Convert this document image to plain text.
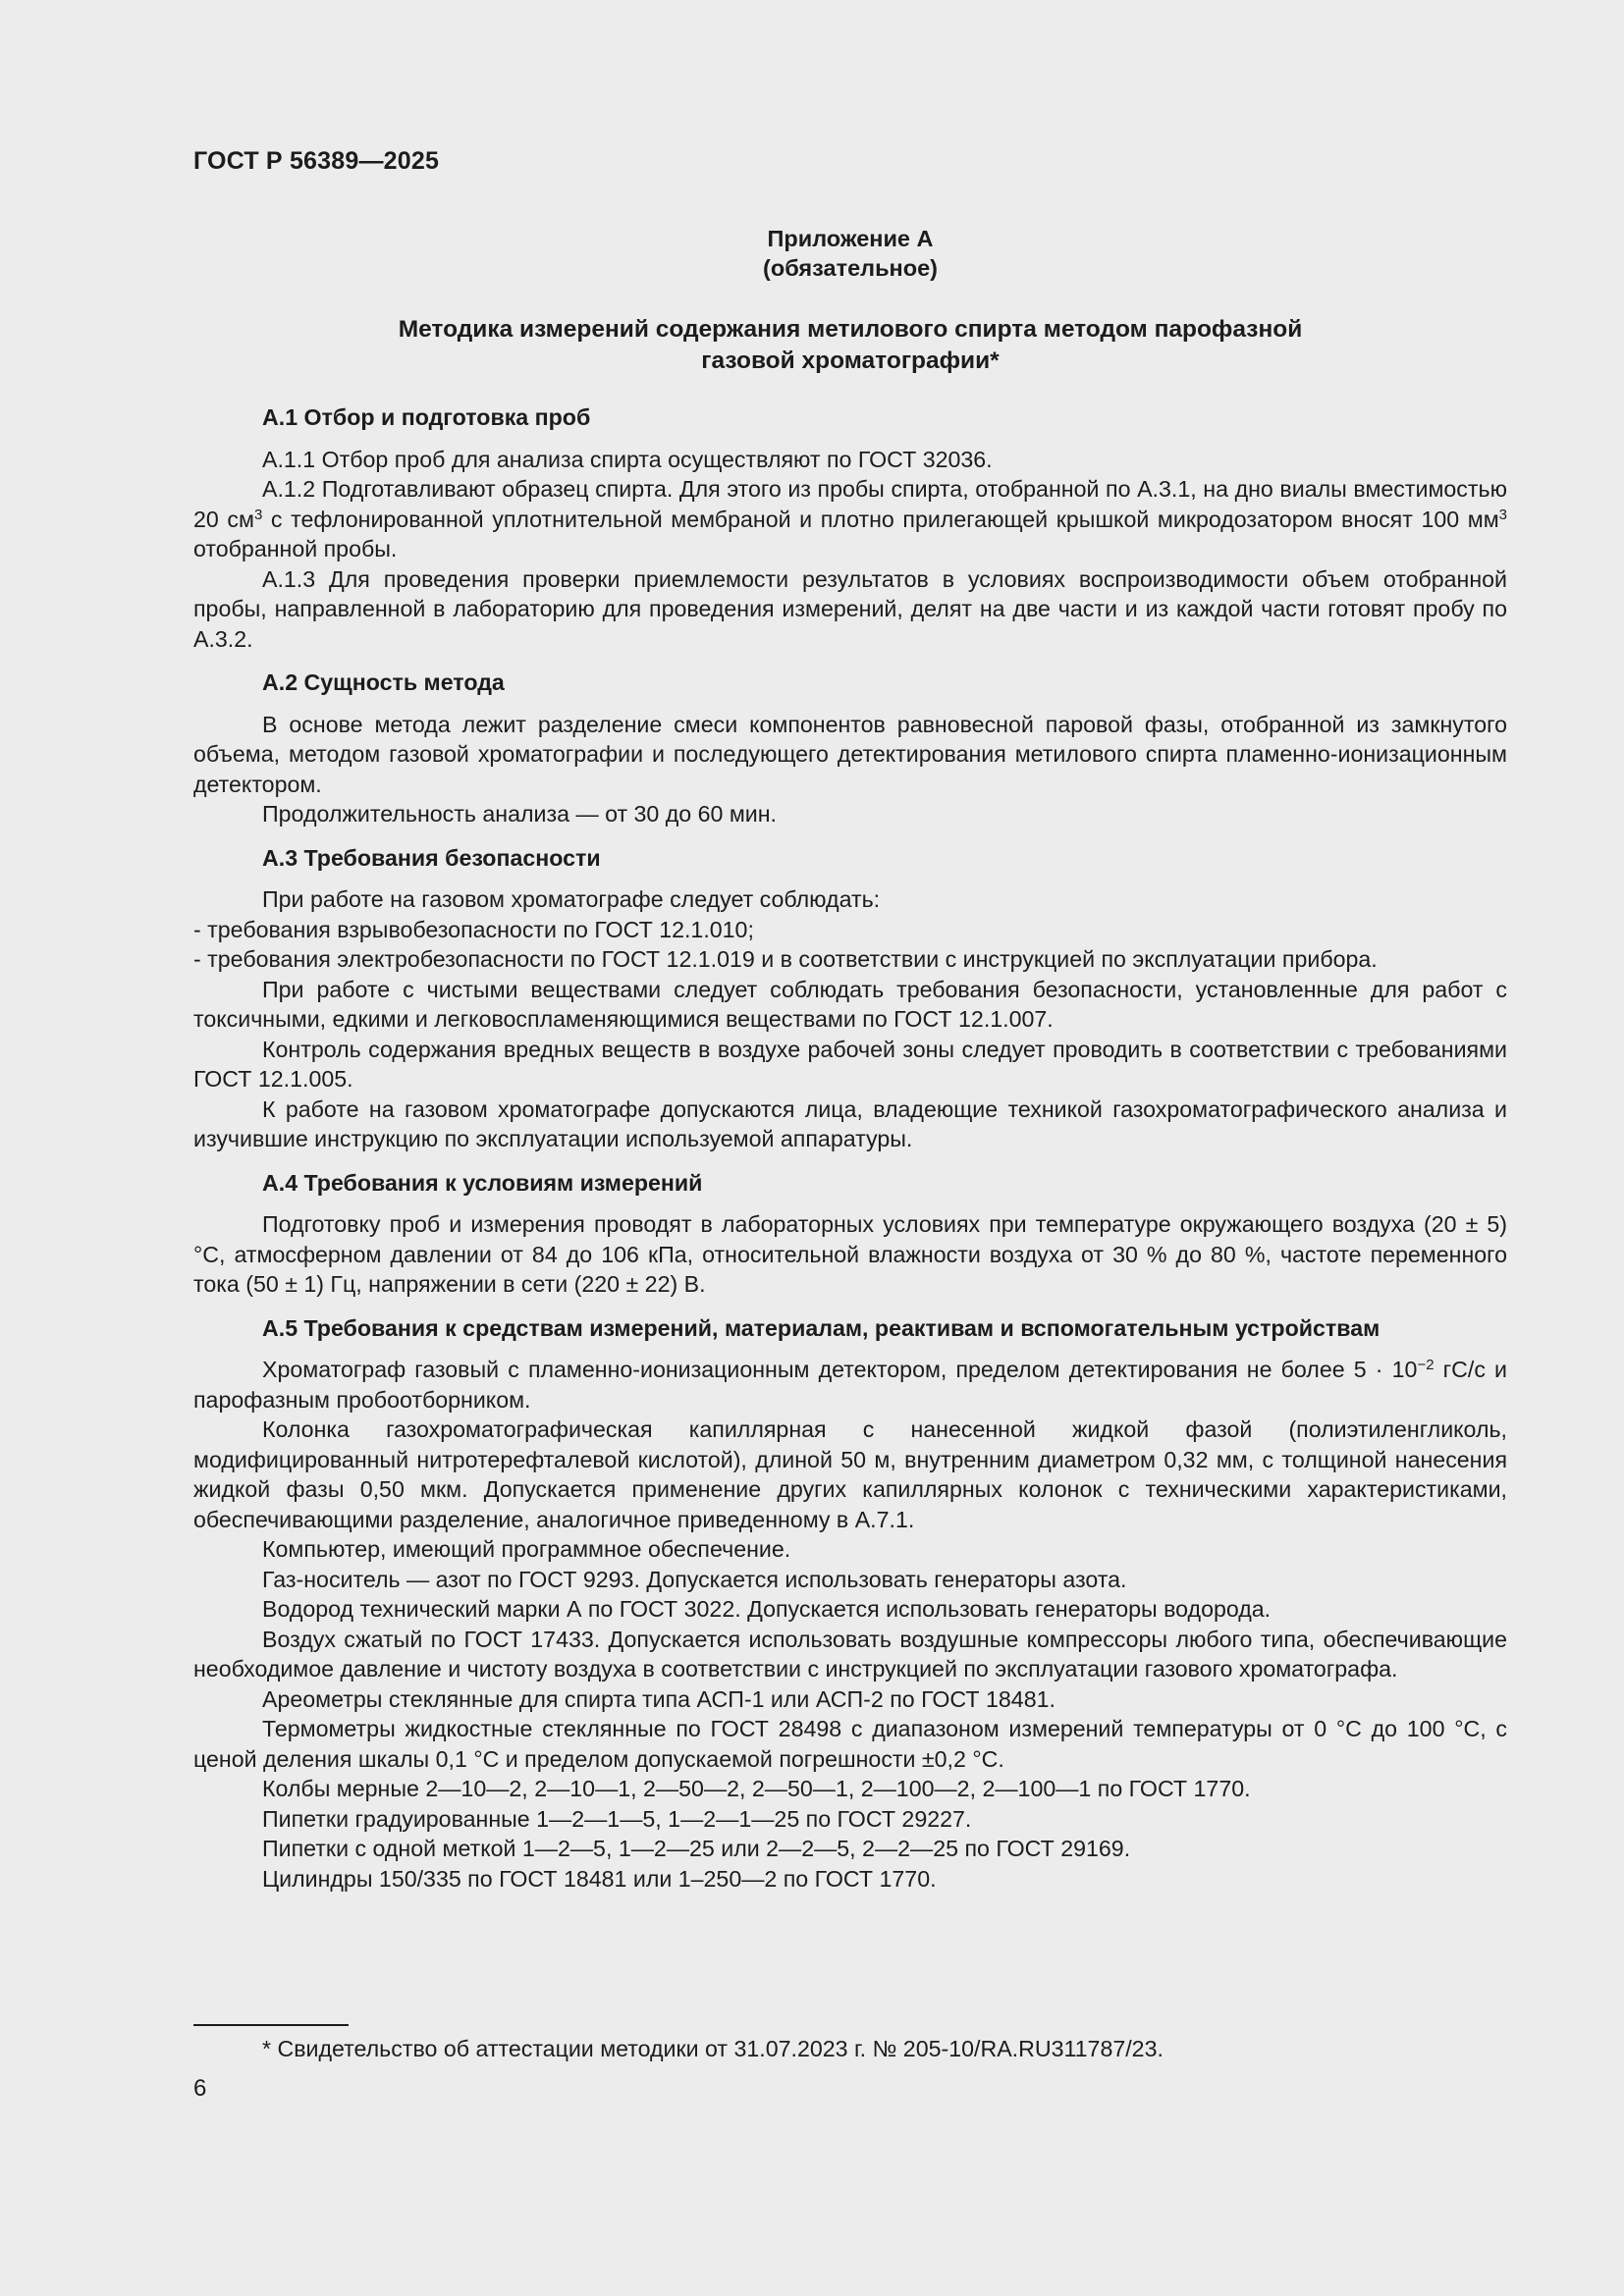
ГОСТ Р 56389—2025
Приложение А
(обязательное)
Методика измерений содержания метилового спирта методом парофазной
газовой хроматографии*
А.1 Отбор и подготовка проб

А.1.1 Отбор проб для анализа спирта осуществляют по ГОСТ 32036.

А.1.2 Подготавливают образец спирта. Для этого из пробы спирта, отобранной по А.3.1, на дно виалы вместимостью 20 $см^3$ с тефлонированной уплотнительной мембраной и плотно прилегающей крышкой микродозатором вносят 100 $мм^3$ отобранной пробы.

А.1.3 Для проведения проверки приемлемости результатов в условиях воспроизводимости объем отобранной пробы, направленной в лабораторию для проведения измерений, делят на две части и из каждой части готовят пробу по А.3.2.

А.2 Сущность метода

В основе метода лежит разделение смеси компонентов равновесной паровой фазы, отобранной из замкнутого объема, методом газовой хроматографии и последующего детектирования метилового спирта пламенно-ионизационным детектором.

Продолжительность анализа — от 30 до 60 мин.

А.3 Требования безопасности

При работе на газовом хроматографе следует соблюдать:

- требования взрывобезопасности по ГОСТ 12.1.010;

- требования электробезопасности по ГОСТ 12.1.019 и в соответствии с инструкцией по эксплуатации прибора.

При работе с чистыми веществами следует соблюдать требования безопасности, установленные для работ с токсичными, едкими и легковоспламеняющимися веществами по ГОСТ 12.1.007.

Контроль содержания вредных веществ в воздухе рабочей зоны следует проводить в соответствии с требованиями ГОСТ 12.1.005.

К работе на газовом хроматографе допускаются лица, владеющие техникой газохроматографического анализа и изучившие инструкцию по эксплуатации используемой аппаратуры.

А.4 Требования к условиям измерений

Подготовку проб и измерения проводят в лабораторных условиях при температуре окружающего воздуха (20 ± 5) °С, атмосферном давлении от 84 до 106 кПа, относительной влажности воздуха от 30 % до 80 %, частоте переменного тока (50 ± 1) Гц, напряжении в сети (220 ± 22) В.

А.5 Требования к средствам измерений, материалам, реактивам и вспомогательным устройствам

Хроматограф газовый с пламенно-ионизационным детектором, пределом детектирования не более $5 \cdot 10^{-2}$ гС/с и парофазным пробоотборником.

Колонка газохроматографическая капиллярная с нанесенной жидкой фазой (полиэтиленгликоль, модифицированный нитротерефталевой кислотой), длиной 50 м, внутренним диаметром 0,32 мм, с толщиной нанесения жидкой фазы 0,50 мкм. Допускается применение других капиллярных колонок с техническими характеристиками, обеспечивающими разделение, аналогичное приведенному в А.7.1.

Компьютер, имеющий программное обеспечение.

Газ-носитель — азот по ГОСТ 9293. Допускается использовать генераторы азота.

Водород технический марки А по ГОСТ 3022. Допускается использовать генераторы водорода.

Воздух сжатый по ГОСТ 17433. Допускается использовать воздушные компрессоры любого типа, обеспечивающие необходимое давление и чистоту воздуха в соответствии с инструкцией по эксплуатации газового хроматографа.

Ареометры стеклянные для спирта типа АСП-1 или АСП-2 по ГОСТ 18481.

Термометры жидкостные стеклянные по ГОСТ 28498 с диапазоном измерений температуры от 0 °С до 100 °С, с ценой деления шкалы 0,1 °С и пределом допускаемой погрешности ±0,2 °С.

Колбы мерные 2—10—2, 2—10—1, 2—50—2, 2—50—1, 2—100—2, 2—100—1 по ГОСТ 1770.

Пипетки градуированные 1—2—1—5, 1—2—1—25 по ГОСТ 29227.

Пипетки с одной меткой 1—2—5, 1—2—25 или 2—2—5, 2—2—25 по ГОСТ 29169.

Цилиндры 150/335 по ГОСТ 18481 или 1–250—2 по ГОСТ 1770.

* Свидетельство об аттестации методики от 31.07.2023 г. № 205-10/RA.RU311787/23.
6
